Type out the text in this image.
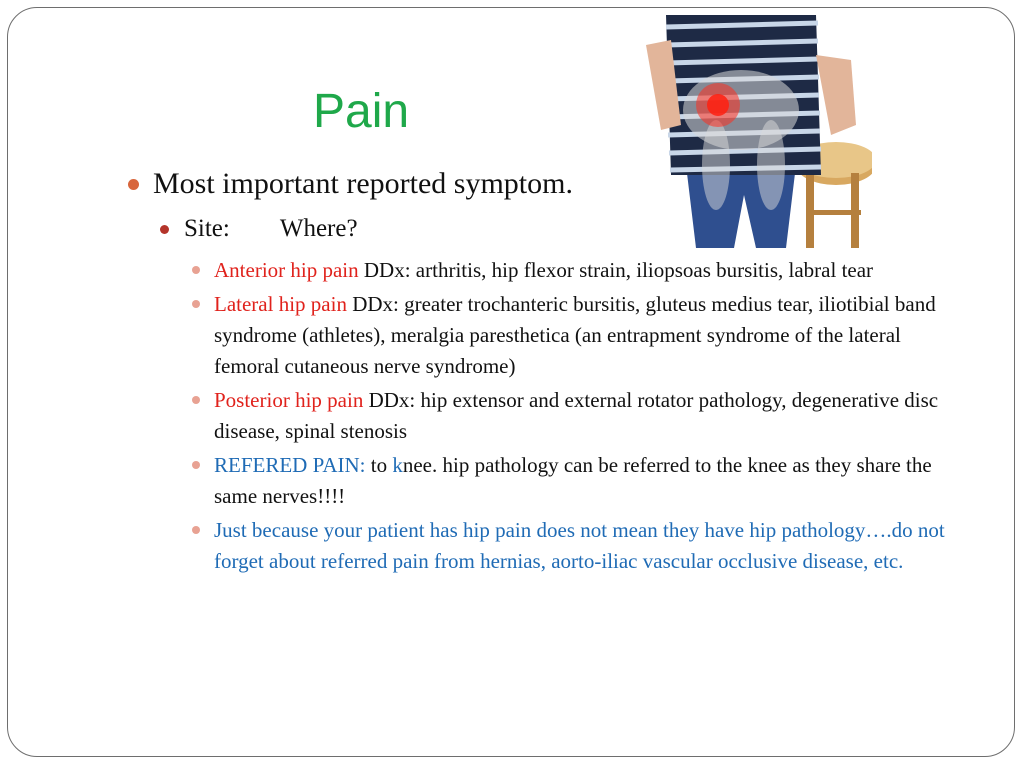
Pain
Most important reported symptom.
Site: Where?
Anterior hip pain DDx: arthritis, hip flexor strain, iliopsoas bursitis, labral tear
Lateral hip pain DDx: greater trochanteric bursitis, gluteus medius tear, iliotibial band syndrome (athletes), meralgia paresthetica (an entrapment syndrome of the lateral femoral cutaneous nerve syndrome)
Posterior hip pain DDx: hip extensor and external rotator pathology, degenerative disc disease, spinal stenosis
REFERED PAIN: to knee. hip pathology can be referred to the knee as they share the same nerves!!!!
Just because your patient has hip pain does not mean they have hip pathology….do not forget about referred pain from hernias, aorto-iliac vascular occlusive disease, etc.
